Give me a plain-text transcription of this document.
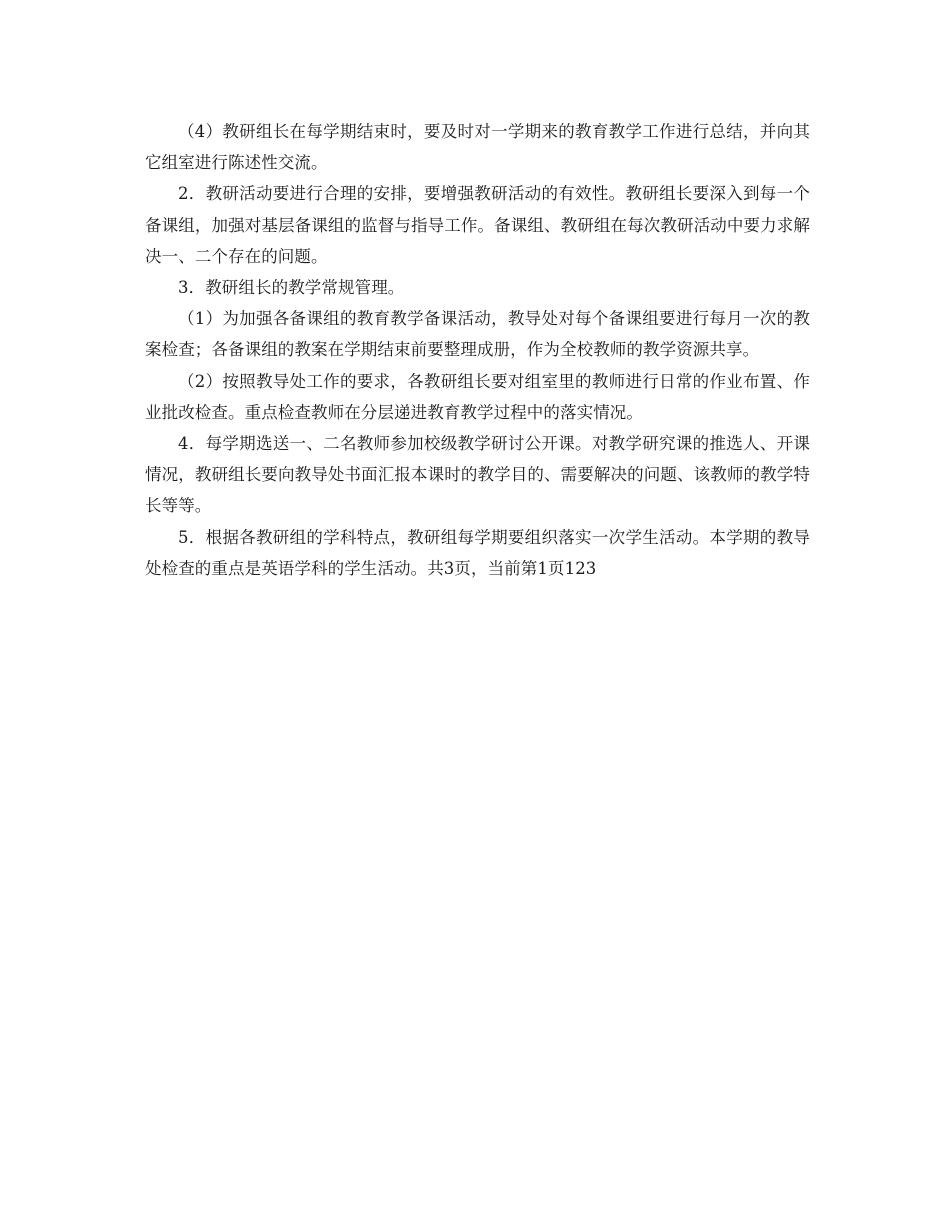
（4）教研组长在每学期结束时，要及时对一学期来的教育教学工作进行总结，并向其它组室进行陈述性交流。

2．教研活动要进行合理的安排，要增强教研活动的有效性。教研组长要深入到每一个备课组，加强对基层备课组的监督与指导工作。备课组、教研组在每次教研活动中要力求解决一、二个存在的问题。

3．教研组长的教学常规管理。

（1）为加强各备课组的教育教学备课活动，教导处对每个备课组要进行每月一次的教案检查；各备课组的教案在学期结束前要整理成册，作为全校教师的教学资源共享。

（2）按照教导处工作的要求，各教研组长要对组室里的教师进行日常的作业布置、作业批改检查。重点检查教师在分层递进教育教学过程中的落实情况。

4．每学期选送一、二名教师参加校级教学研讨公开课。对教学研究课的推选人、开课情况，教研组长要向教导处书面汇报本课时的教学目的、需要解决的问题、该教师的教学特长等等。

5．根据各教研组的学科特点，教研组每学期要组织落实一次学生活动。本学期的教导处检查的重点是英语学科的学生活动。共3页，当前第1页123
